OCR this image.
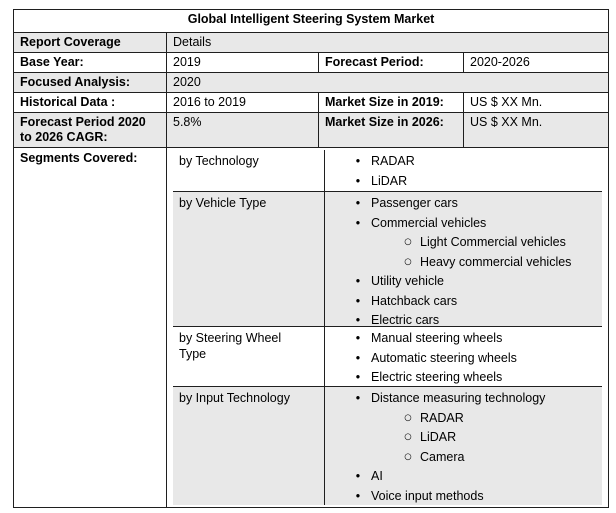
Global Intelligent Steering System Market			
Report Coverage	Details		
Base Year:	2019	Forecast Period:	2020-2026
Focused Analysis:	2020		
Historical Data :	2016 to 2019	Market Size in 2019:	US $ XX Mn.
Forecast Period 2020 to 2026 CAGR:	5.8%	Market Size in 2026:	US $ XX Mn.
Segments Covered:	by Technology	• RADAR
• LiDAR
by Vehicle Type	• Passenger cars
• Commercial vehicles
○ Light Commercial vehicles
○ Heavy commercial vehicles
• Utility vehicle
• Hatchback cars
• Electric cars
by Steering Wheel Type
• Manual steering wheels
• Automatic steering wheels
• Electric steering wheels
by Input Technology	• Distance measuring technology
○ RADAR
○ LiDAR
○ Camera
• AI
• Voice input methods
